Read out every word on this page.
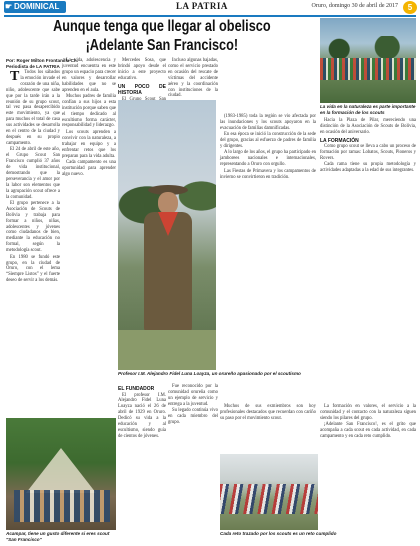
☛ DOMINICAL	LA PATRIA	Oruro, domingo 30 de abril de 2017	5
Aunque tenga que llegar al obelisco
¡Adelante San Francisco!
La vida en la naturaleza es parte importante en la formación de los scouts
Por: Roger Milton Frontanilla Ch.
Periodista de LA PATRIA

T Todos los sábados la emoción invade el corazón de una niña, niño, adolescente que sabe que por la tarde irán a la reunión de su grupo scout, tal vez pasa desapercibido este movimiento, ya que para muchos el total de casa sus actividades se desarrolla en el centro de la ciudad y después en su propio campamento.

El 24 de abril de este año, el Grupo Scout San Francisco cumplió 37 años de vida institucional, demostrando que la perseverancia y el amor por la labor son elementos que la agrupación scout ofrece a la comunidad.

El grupo pertenece a la Asociación de Scouts de Bolivia y trabaja para formar a niños, niñas, adolescentes y jóvenes como ciudadanos de bien, mediante la educación no formal, según la metodología scout.

En 1980 se fundó este grupo, en la ciudad de Oruro, con el lema “Siempre Listos” y el fuerte deseo de servir a los demás.

La vida, adolescencia y juventud encuentra en este grupo un espacio para crecer en valores y desarrollar habilidades que no se aprenden en el aula.

Muchos padres de familia confían a sus hijos a esta institución porque saben que el tiempo dedicado al escultismo forma carácter, responsabilidad y liderazgo.

Los scouts aprenden a convivir con la naturaleza, a trabajar en equipo y a enfrentar retos que los preparan para la vida adulta.

Cada campamento es una oportunidad para aprender algo nuevo.

Mercedes Sosa, que brindó apoyo desde el inicio a este proyecto educativo.

UN POCO DE HISTORIA

Incluso algunas bajadas, como el servicio prestado en ocasión del rescate de víctimas del accidente aéreo y la coordinación con instituciones de la ciudad.

Profesor I.M. Alejandro Fidel Luna Loayza, un orureño apasionado por el scoutismo

(1983-1985) toda la región se vio afectada por las inundaciones y los scouts apoyaron en la evacuación de familias damnificadas.

En esa época se inició la construcción de la sede del grupo, gracias al esfuerzo de padres de familia y dirigentes.

A lo largo de los años, el grupo ha participado en jamborees nacionales e internacionales, representando a Oruro con orgullo.

Las Fiestas de Primavera y los campamentos de invierno se convirtieron en tradición.

Hacia la Plaza de Pilar, mereciendo una distinción de la Asociación de Scouts de Bolivia, en ocasión del aniversario.

LA FORMACIÓN

Como grupo scout se lleva a cabo un proceso de formación por ramas: Lobatos, Scouts, Pioneros y Rovers.

Cada rama tiene su propia metodología y actividades adaptadas a la edad de sus integrantes.

EL FUNDADOR

El profesor I.M. Alejandro Fidel Luna Loayza nació el 26 de abril de 1929 en Oruro. Dedicó su vida a la educación y al escultismo, siendo guía de cientos de jóvenes.

Fue reconocido por la comunidad orureña como un ejemplo de servicio y entrega a la juventud.

Su legado continúa vivo en cada miembro del grupo.

Muchos de sus exmiembros son hoy profesionales destacados que recuerdan con cariño su paso por el movimiento scout.

La formación en valores, el servicio a la comunidad y el contacto con la naturaleza siguen siendo los pilares del grupo.

¡Adelante San Francisco!, es el grito que acompaña a cada scout en cada actividad, en cada campamento y en cada reto cumplido.

Acampar, tiene un gusto diferente si eres scout "San Francisco"
Cada reto trazado por los scouts es un reto cumplido
